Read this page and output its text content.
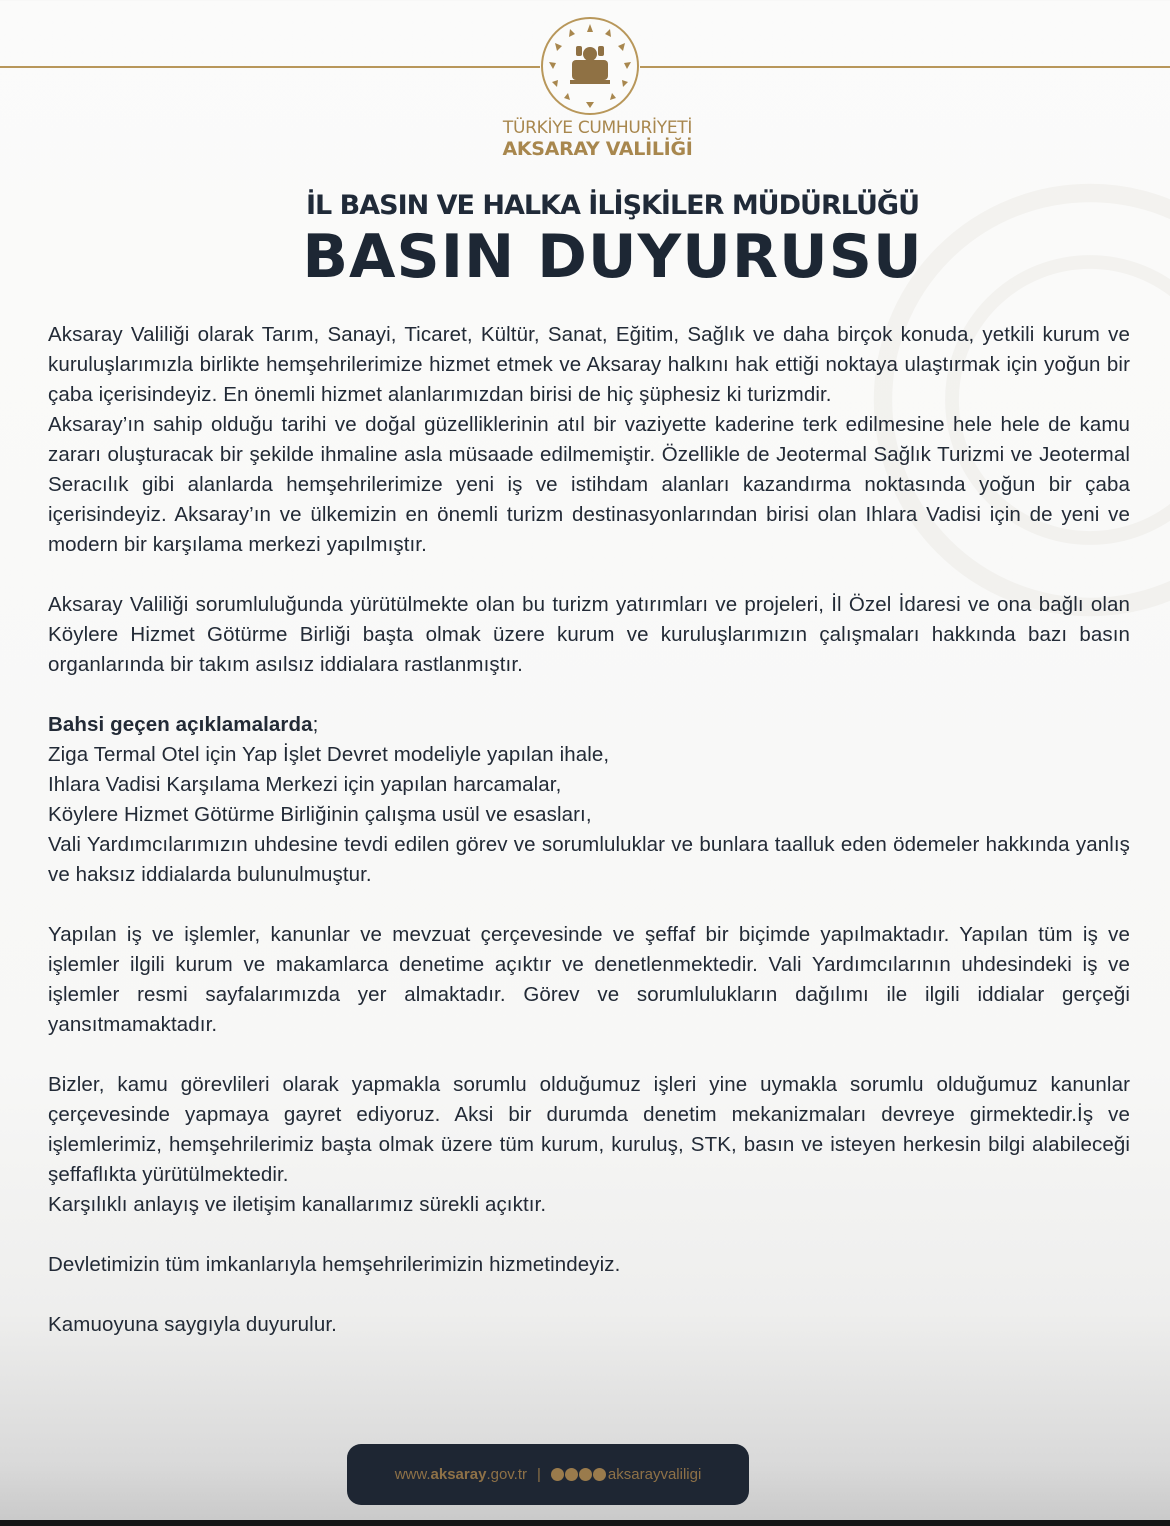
TÜRKİYE CUMHURİYETİ
AKSARAY VALİLİĞİ
İL BASIN VE HALKA İLİŞKİLER MÜDÜRLÜĞÜ
BASIN DUYURUSU

Aksaray Valiliği olarak Tarım, Sanayi, Ticaret, Kültür, Sanat, Eğitim, Sağlık ve daha birçok konuda, yetkili kurum ve kuruluşlarımızla birlikte hemşehrilerimize hizmet etmek ve Aksaray halkını hak ettiği noktaya ulaştırmak için yoğun bir çaba içerisindeyiz. En önemli hizmet alanlarımızdan birisi de hiç şüphesiz ki turizmdir.

Aksaray’ın sahip olduğu tarihi ve doğal güzelliklerinin atıl bir vaziyette kaderine terk edilmesine hele hele de kamu zararı oluşturacak bir şekilde ihmaline asla müsaade edilmemiştir. Özellikle de Jeotermal Sağlık Turizmi ve Jeotermal Seracılık gibi alanlarda hemşehrilerimize yeni iş ve istihdam alanları kazandırma noktasında yoğun bir çaba içerisindeyiz. Aksaray’ın ve ülkemizin en önemli turizm destinasyonlarından birisi olan Ihlara Vadisi için de yeni ve modern bir karşılama merkezi yapılmıştır.

Aksaray Valiliği sorumluluğunda yürütülmekte olan bu turizm yatırımları ve projeleri, İl Özel İdaresi ve ona bağlı olan Köylere Hizmet Götürme Birliği başta olmak üzere kurum ve kuruluşlarımızın çalışmaları hakkında bazı basın organlarında bir takım asılsız iddialara rastlanmıştır.

Bahsi geçen açıklamalarda;

Ziga Termal Otel için Yap İşlet Devret modeliyle yapılan ihale,

Ihlara Vadisi Karşılama Merkezi için yapılan harcamalar,

Köylere Hizmet Götürme Birliğinin çalışma usül ve esasları,

Vali Yardımcılarımızın uhdesine tevdi edilen görev ve sorumluluklar ve bunlara taalluk eden ödemeler hakkında yanlış ve haksız iddialarda bulunulmuştur.

Yapılan iş ve işlemler, kanunlar ve mevzuat çerçevesinde ve şeffaf bir biçimde yapılmaktadır. Yapılan tüm iş ve işlemler ilgili kurum ve makamlarca denetime açıktır ve denetlenmektedir. Vali Yardımcılarının uhdesindeki iş ve işlemler resmi sayfalarımızda yer almaktadır. Görev ve sorumlulukların dağılımı ile ilgili iddialar gerçeği yansıtmamaktadır.

Bizler, kamu görevlileri olarak yapmakla sorumlu olduğumuz işleri yine uymakla sorumlu olduğumuz kanunlar çerçevesinde yapmaya gayret ediyoruz. Aksi bir durumda denetim mekanizmaları devreye girmektedir.İş ve işlemlerimiz, hemşehrilerimiz başta olmak üzere tüm kurum, kuruluş, STK, basın ve isteyen herkesin bilgi alabileceği şeffaflıkta yürütülmektedir.

Karşılıklı anlayış ve iletişim kanallarımız sürekli açıktır.

Devletimizin tüm imkanlarıyla hemşehrilerimizin hizmetindeyiz.

Kamuoyuna saygıyla duyurulur.

www.aksaray.gov.tr |	aksarayvaliligi
